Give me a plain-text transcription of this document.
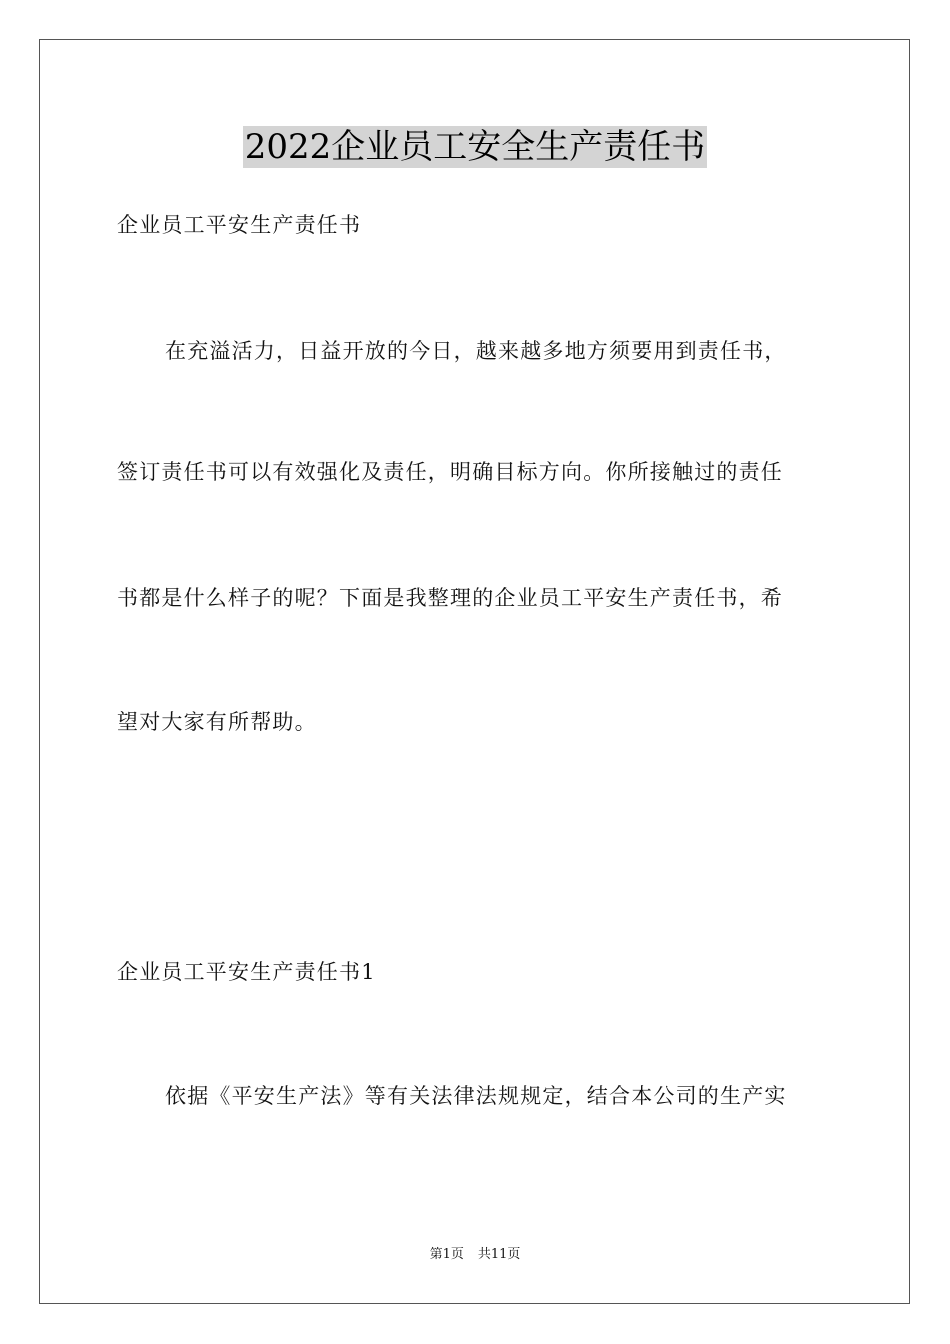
2022企业员工安全生产责任书
企业员工平安生产责任书
在充溢活力，日益开放的今日，越来越多地方须要用到责任书，
签订责任书可以有效强化及责任，明确目标方向。你所接触过的责任
书都是什么样子的呢？下面是我整理的企业员工平安生产责任书，希
望对大家有所帮助。
企业员工平安生产责任书1
依据《平安生产法》等有关法律法规规定，结合本公司的生产实
第1页 共11页
